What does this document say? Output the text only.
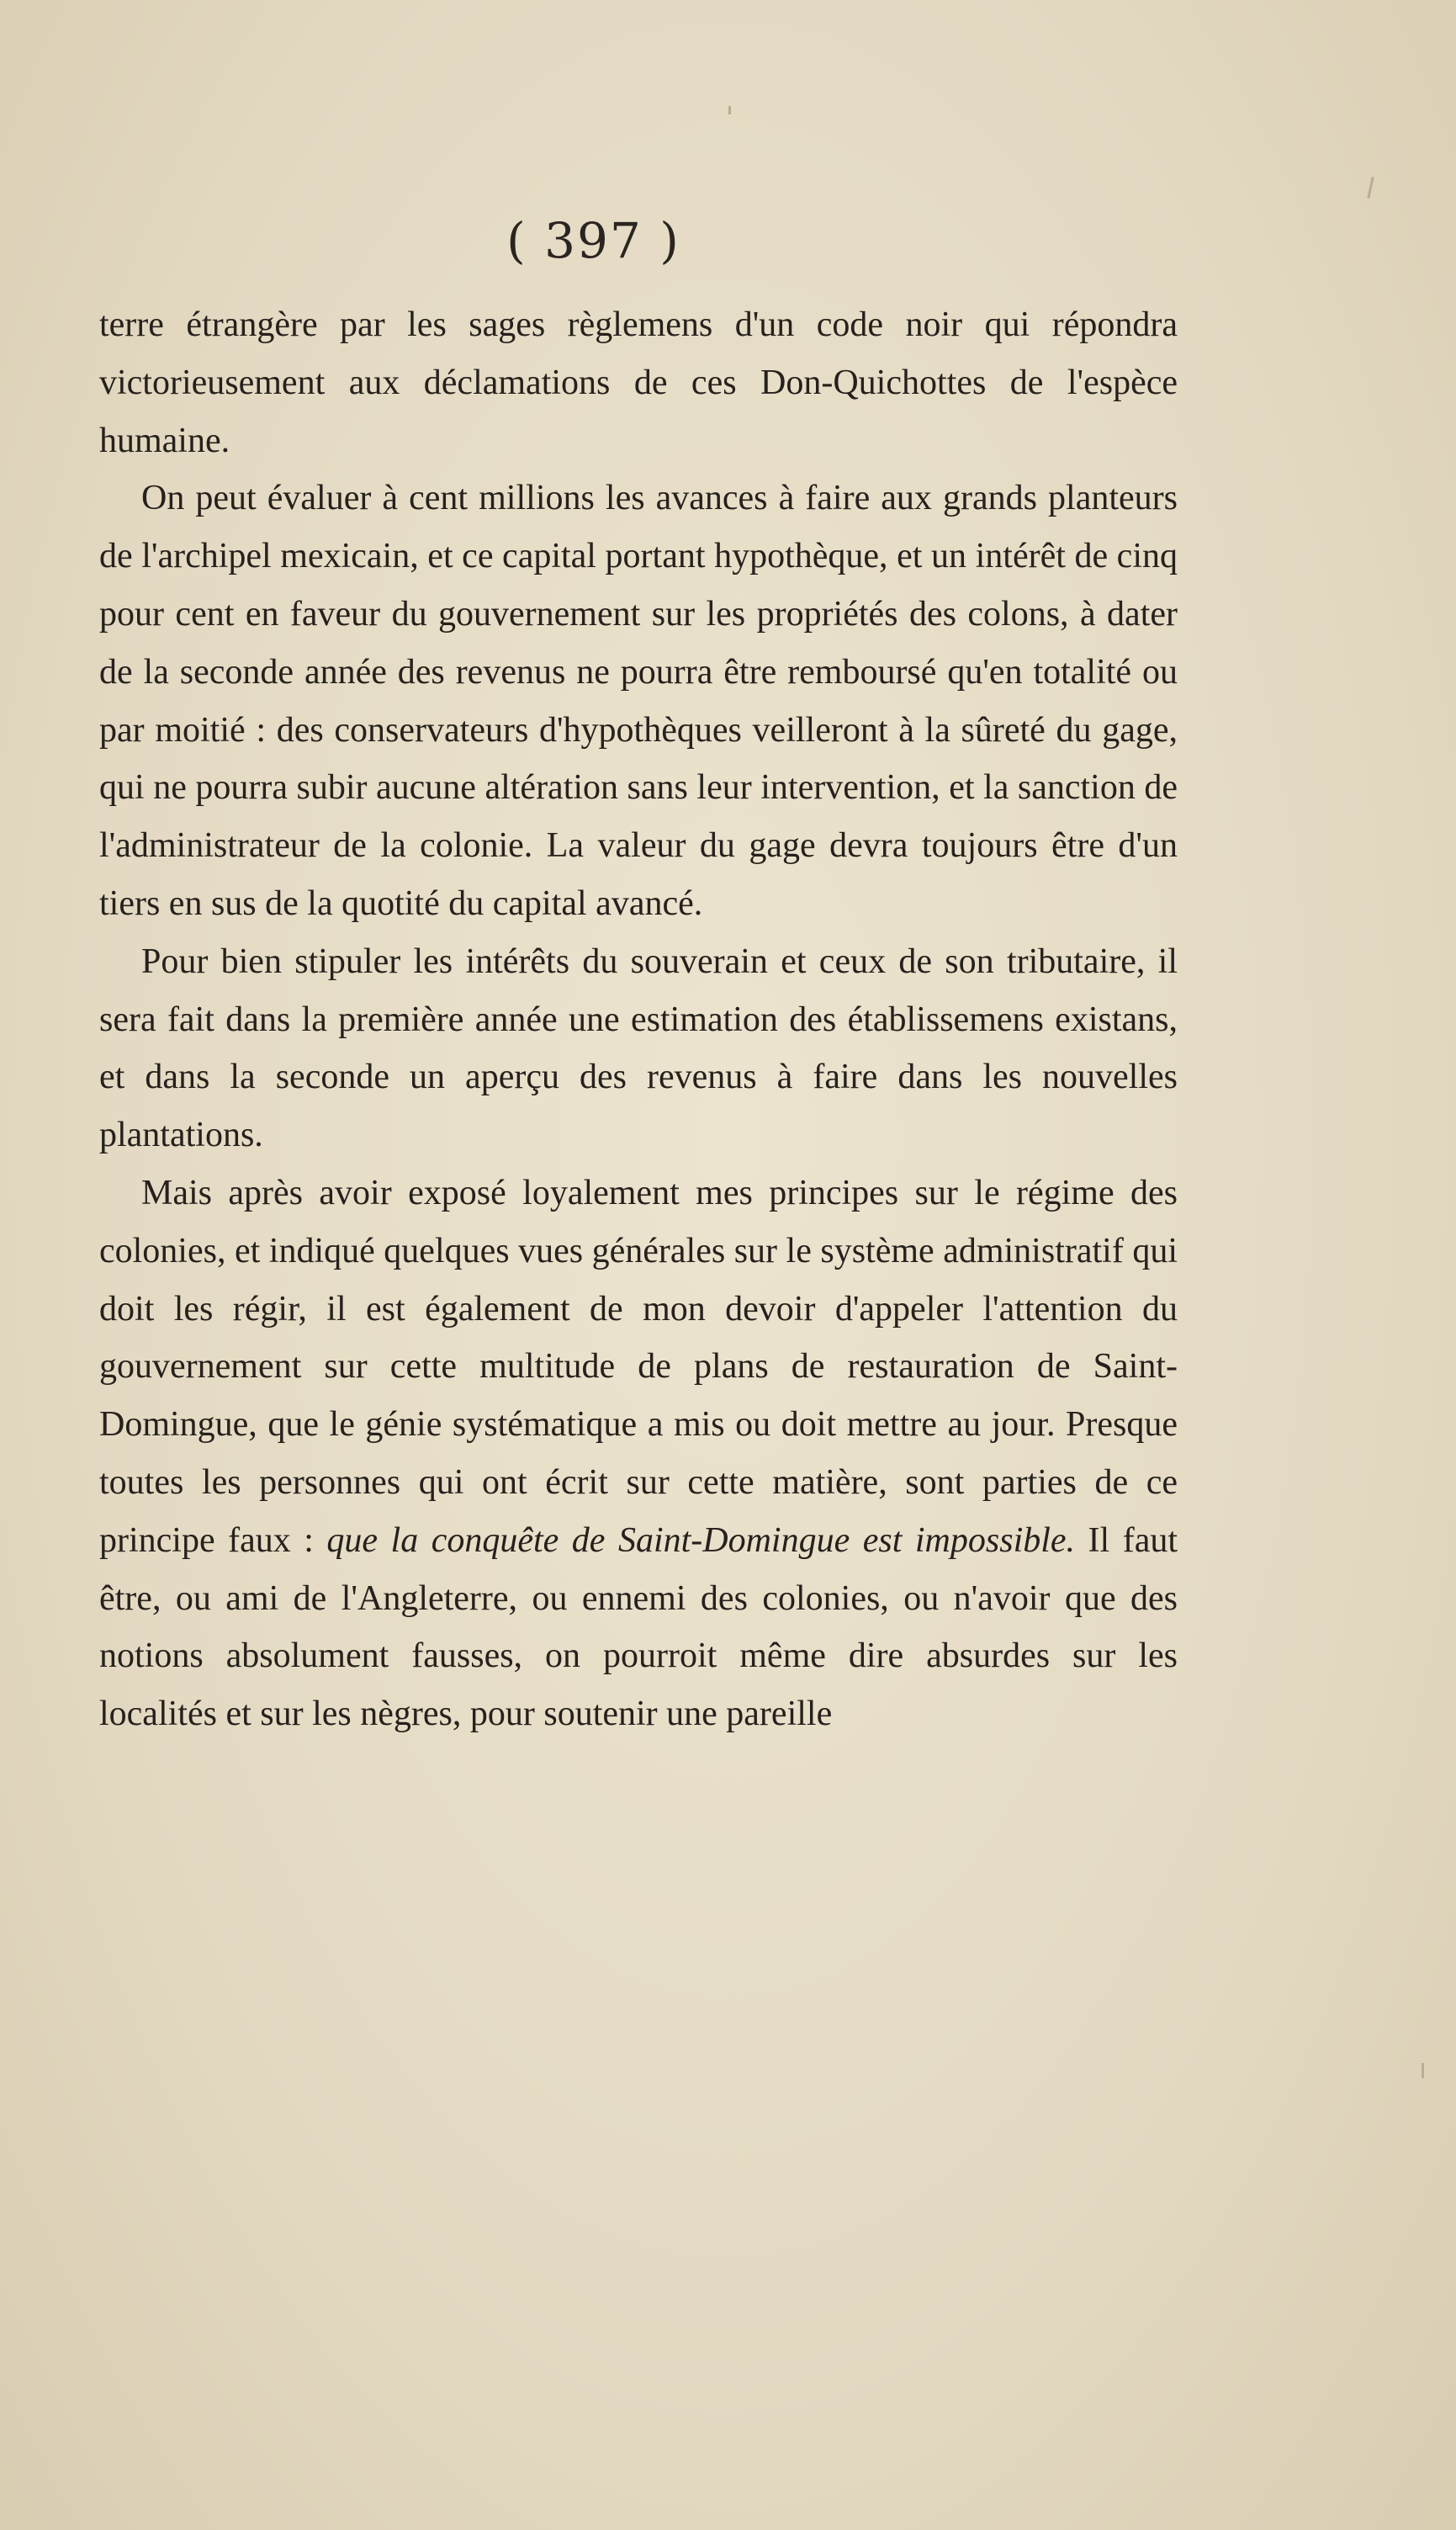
( 397 )

terre étrangère par les sages règlemens d'un code noir qui répondra victorieusement aux déclamations de ces Don-Quichottes de l'espèce humaine.

On peut évaluer à cent millions les avances à faire aux grands planteurs de l'archipel mexicain, et ce capital portant hypothèque, et un intérêt de cinq pour cent en faveur du gouvernement sur les propriétés des colons, à dater de la seconde année des revenus ne pourra être remboursé qu'en totalité ou par moitié : des conservateurs d'hypothèques veilleront à la sûreté du gage, qui ne pourra subir aucune altération sans leur intervention, et la sanction de l'administrateur de la colonie. La valeur du gage devra toujours être d'un tiers en sus de la quotité du capital avancé.

Pour bien stipuler les intérêts du souverain et ceux de son tributaire, il sera fait dans la première année une estimation des établissemens existans, et dans la seconde un aperçu des revenus à faire dans les nouvelles plantations.

Mais après avoir exposé loyalement mes principes sur le régime des colonies, et indiqué quelques vues générales sur le système administratif qui doit les régir, il est également de mon devoir d'appeler l'attention du gouvernement sur cette multitude de plans de restauration de Saint-Domingue, que le génie systématique a mis ou doit mettre au jour. Presque toutes les personnes qui ont écrit sur cette matière, sont parties de ce principe faux : que la conquête de Saint-Domingue est impossible. Il faut être, ou ami de l'Angleterre, ou ennemi des colonies, ou n'avoir que des notions absolument fausses, on pourroit même dire absurdes sur les localités et sur les nègres, pour soutenir une pareille
